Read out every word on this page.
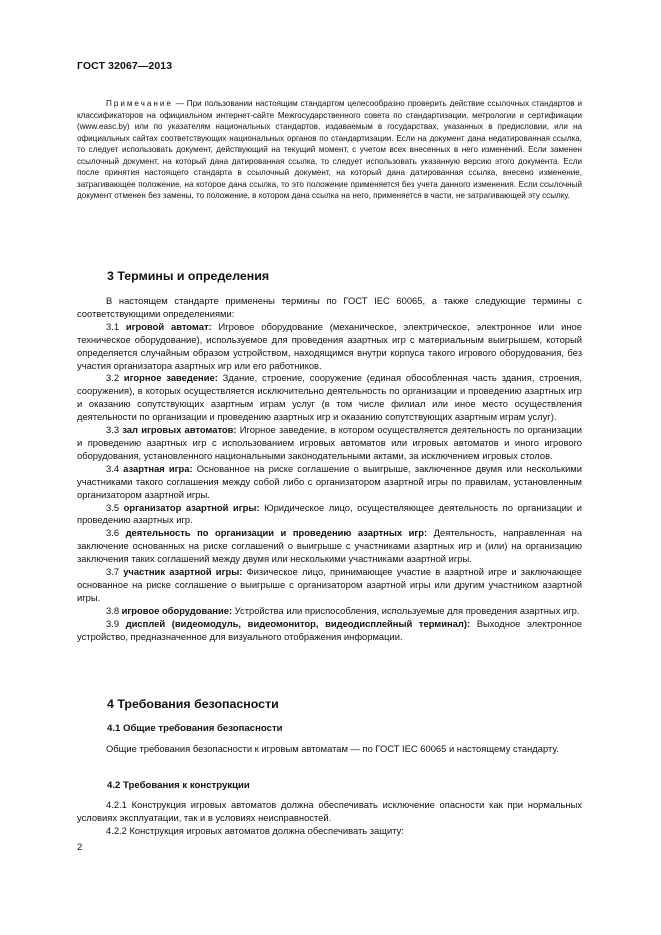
ГОСТ 32067—2013

Примечание — При пользовании настоящим стандартом целесообразно проверить действие ссылочных стандартов и классификаторов на официальном интернет-сайте Межгосударственного совета по стандартизации, метрологии и сертификации (www.easc.by) или по указателям национальных стандартов, издаваемым в государствах, указанных в предисловии, или на официальных сайтах соответствующих национальных органов по стандартизации. Если на документ дана недатированная ссылка, то следует использовать документ, действующий на текущий момент, с учетом всех внесенных в него изменений. Если заменен ссылочный документ, на который дана датированная ссылка, то следует использовать указанную версию этого документа. Если после принятия настоящего стандарта в ссылочный документ, на который дана датированная ссылка, внесено изменение, затрагивающее положение, на которое дана ссылка, то это положение применяется без учета данного изменения. Если ссылочный документ отменен без замены, то положение, в котором дана ссылка на него, применяется в части, не затрагивающей эту ссылку.

3 Термины и определения

В настоящем стандарте применены термины по ГОСТ IEC 60065, а также следующие термины с соответствующими определениями:

3.1 игровой автомат: Игровое оборудование (механическое, электрическое, электронное или иное техническое оборудование), используемое для проведения азартных игр с материальным выигрышем, который определяется случайным образом устройством, находящимся внутри корпуса такого игрового оборудования, без участия организатора азартных игр или его работников.

3.2 игорное заведение: Здание, строение, сооружение (единая обособленная часть здания, строения, сооружения), в которых осуществляется исключительно деятельность по организации и проведению азартных игр и оказанию сопутствующих азартным играм услуг (в том числе филиал или иное место осуществления деятельности по организации и проведению азартных игр и оказанию сопутствующих азартным играм услуг).

3.3 зал игровых автоматов: Игорное заведение, в котором осуществляется деятельность по организации и проведению азартных игр с использованием игровых автоматов или игровых автоматов и иного игрового оборудования, установленного национальными законодательными актами, за исключением игровых столов.

3.4 азартная игра: Основанное на риске соглашение о выигрыше, заключенное двумя или несколькими участниками такого соглашения между собой либо с организатором азартной игры по правилам, установленным организатором азартной игры.

3.5 организатор азартной игры: Юридическое лицо, осуществляющее деятельность по организации и проведению азартных игр.

3.6 деятельность по организации и проведению азартных игр: Деятельность, направленная на заключение основанных на риске соглашений о выигрыше с участниками азартных игр и (или) на организацию заключения таких соглашений между двумя или несколькими участниками азартной игры.

3.7 участник азартной игры: Физическое лицо, принимающее участие в азартной игре и заключающее основанное на риске соглашение о выигрыше с организатором азартной игры или другим участником азартной игры.

3.8 игровое оборудование: Устройства или приспособления, используемые для проведения азартных игр.

3.9 дисплей (видеомодуль, видеомонитор, видеодисплейный терминал): Выходное электронное устройство, предназначенное для визуального отображения информации.

4 Требования безопасности
4.1 Общие требования безопасности

Общие требования безопасности к игровым автоматам — по ГОСТ IEC 60065 и настоящему стандарту.

4.2 Требования к конструкции

4.2.1 Конструкция игровых автоматов должна обеспечивать исключение опасности как при нормальных условиях эксплуатации, так и в условиях неисправностей.

4.2.2 Конструкция игровых автоматов должна обеспечивать защиту:

2
